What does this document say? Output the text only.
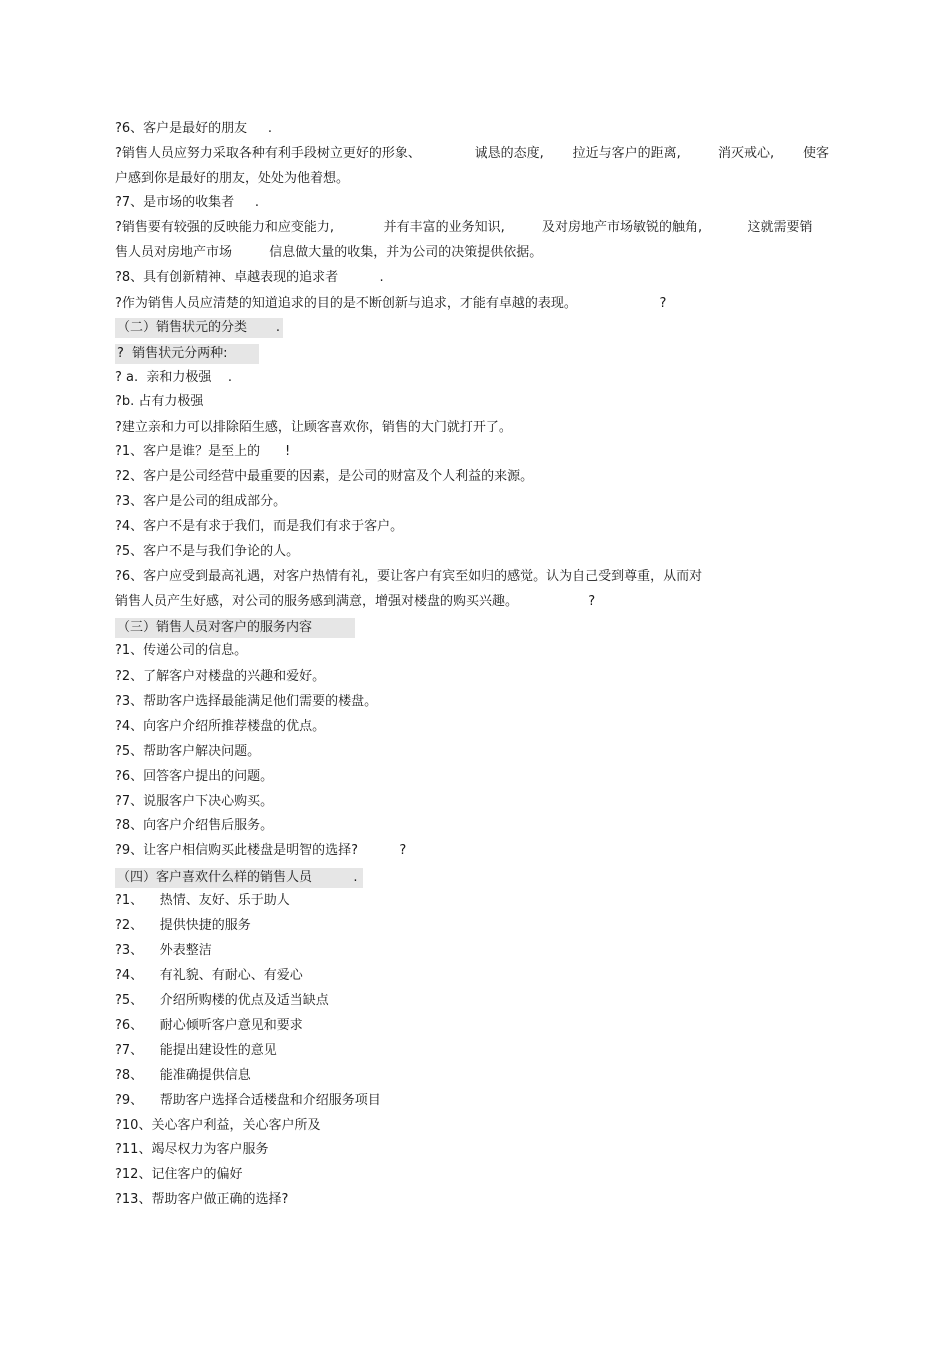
?6、客户是最好的朋友     .
?销售人员应努力采取各种有利手段树立更好的形象、             诚恳的态度,       拉近与客户的距离,         消灭戒心,       使客
户感到你是最好的朋友，处处为他着想。
?7、是市场的收集者     .
?销售要有较强的反映能力和应变能力,            并有丰富的业务知识,         及对房地产市场敏锐的触角,           这就需要销
售人员对房地产市场         信息做大量的收集，并为公司的决策提供依据。
?8、具有创新精神、卓越表现的追求者          .
?作为销售人员应清楚的知道追求的目的是不断创新与追求，才能有卓越的表现。                    ?
（二）销售状元的分类       .
?  销售状元分两种:
? a.  亲和力极强    .
?b. 占有力极强
?建立亲和力可以排除陌生感，让顾客喜欢你，销售的大门就打开了。
?1、客户是谁？是至上的      !
?2、客户是公司经营中最重要的因素，是公司的财富及个人利益的来源。
?3、客户是公司的组成部分。
?4、客户不是有求于我们，而是我们有求于客户。
?5、客户不是与我们争论的人。
?6、客户应受到最高礼遇，对客户热情有礼，要让客户有宾至如归的感觉。认为自己受到尊重，从而对
销售人员产生好感，对公司的服务感到满意，增强对楼盘的购买兴趣。                 ?
（三）销售人员对客户的服务内容
?1、传递公司的信息。
?2、了解客户对楼盘的兴趣和爱好。
?3、帮助客户选择最能满足他们需要的楼盘。
?4、向客户介绍所推荐楼盘的优点。
?5、帮助客户解决问题。
?6、回答客户提出的问题。
?7、说服客户下决心购买。
?8、向客户介绍售后服务。
?9、让客户相信购买此楼盘是明智的选择?          ?
（四）客户喜欢什么样的销售人员          .
?1、    热情、友好、乐于助人
?2、    提供快捷的服务
?3、    外表整洁
?4、    有礼貌、有耐心、有爱心
?5、    介绍所购楼的优点及适当缺点
?6、    耐心倾听客户意见和要求
?7、    能提出建设性的意见
?8、    能准确提供信息
?9、    帮助客户选择合适楼盘和介绍服务项目
?10、关心客户利益，关心客户所及
?11、竭尽权力为客户服务
?12、记住客户的偏好
?13、帮助客户做正确的选择?
